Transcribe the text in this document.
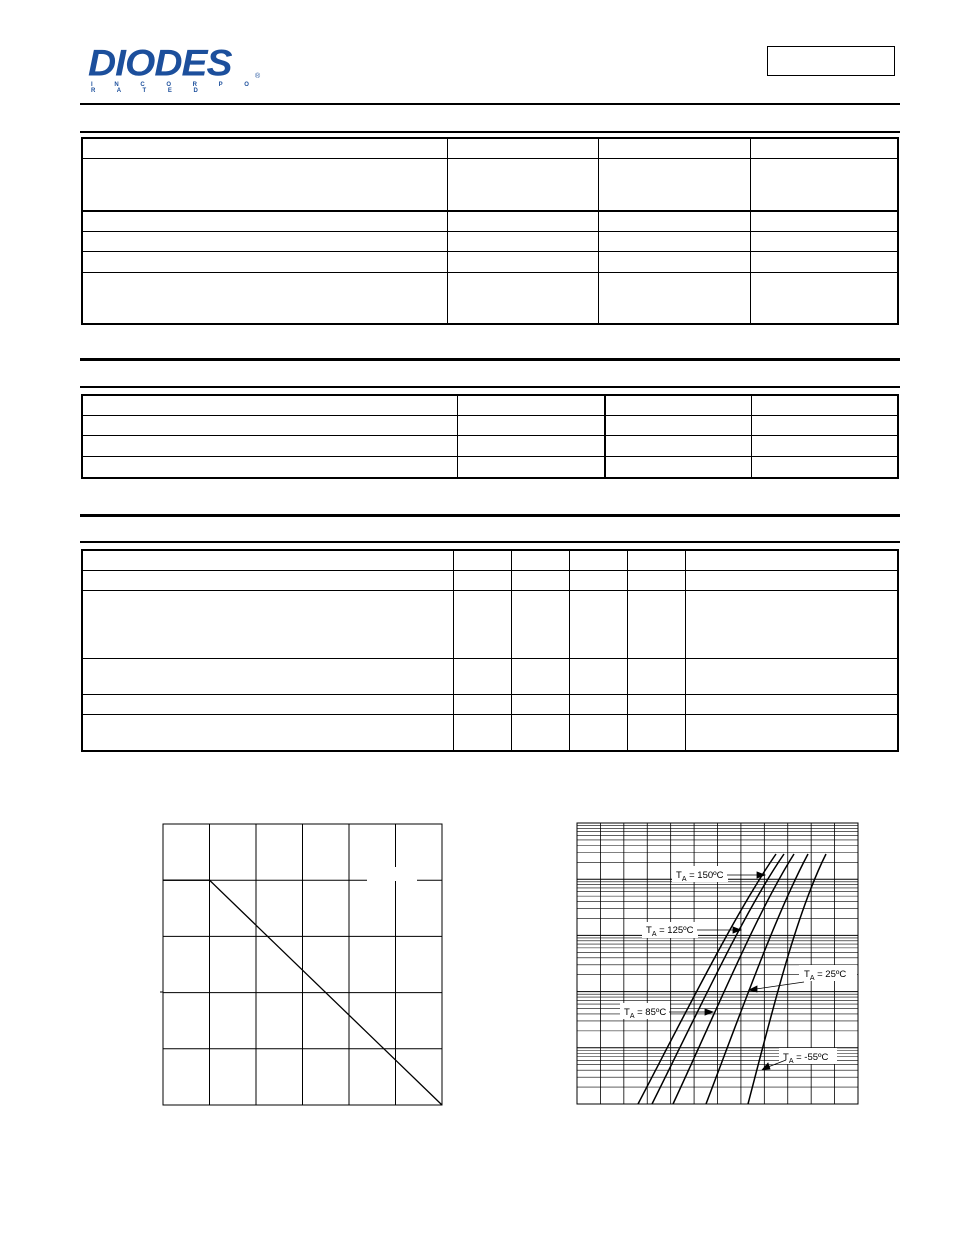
DIODES
I N C O R P O R A T E D
®

$T_A$ = 150ºC
$T_A$ = 125ºC
$T_A$ = 25ºC
$T_A$ = 85ºC
$T_A$ = -55ºC
